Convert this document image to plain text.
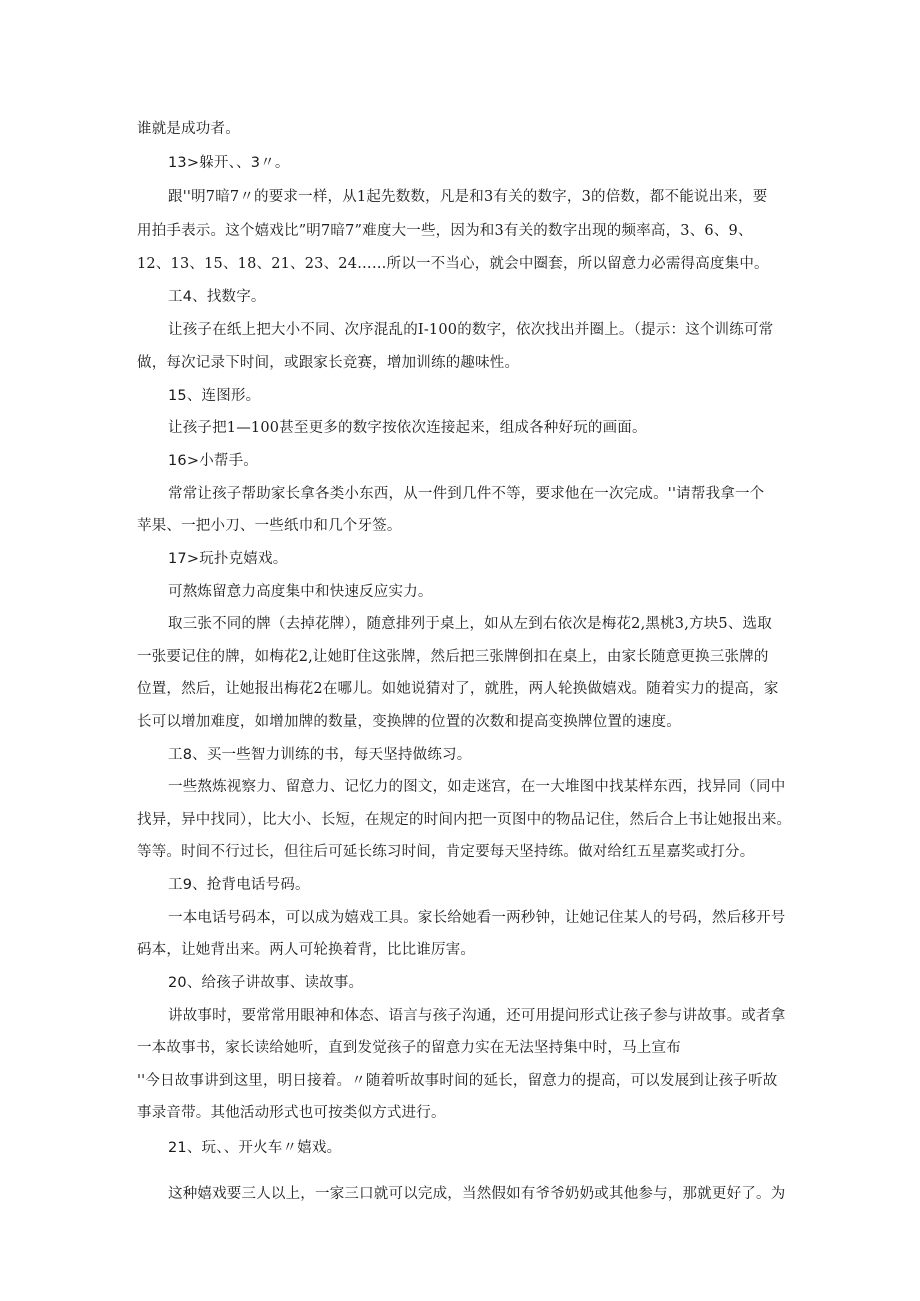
谁就是成功者。
13>躲开、、3〃。
跟''明7暗7〃的要求一样，从1起先数数，凡是和3有关的数字，3的倍数，都不能说出来，要
用拍手表示。这个嬉戏比”明7暗7”难度大一些，因为和3有关的数字出现的频率高，3、6、9、
12、13、15、18、21、23、24……所以一不当心，就会中圈套，所以留意力必需得高度集中。
工4、找数字。
让孩子在纸上把大小不同、次序混乱的I-100的数字，依次找出并圈上。（提示：这个训练可常
做，每次记录下时间，或跟家长竞赛，增加训练的趣味性。
15、连图形。
让孩子把1—100甚至更多的数字按依次连接起来，组成各种好玩的画面。
16>小帮手。
常常让孩子帮助家长拿各类小东西，从一件到几件不等，要求他在一次完成。''请帮我拿一个
苹果、一把小刀、一些纸巾和几个牙签。
17>玩扑克嬉戏。
可熬炼留意力高度集中和快速反应实力。
取三张不同的牌（去掉花牌），随意排列于桌上，如从左到右依次是梅花2,黑桃3,方块5、选取
一张要记住的牌，如梅花2,让她盯住这张牌，然后把三张牌倒扣在桌上，由家长随意更换三张牌的
位置，然后，让她报出梅花2在哪儿。如她说猜对了，就胜，两人轮换做嬉戏。随着实力的提高，家
长可以增加难度，如增加牌的数量，变换牌的位置的次数和提高变换牌位置的速度。
工8、买一些智力训练的书，每天坚持做练习。
一些熬炼视察力、留意力、记忆力的图文，如走迷宫，在一大堆图中找某样东西，找异同（同中
找异，异中找同），比大小、长短，在规定的时间内把一页图中的物品记住，然后合上书让她报出来。
等等。时间不行过长，但往后可延长练习时间，肯定要每天坚持练。做对给红五星嘉奖或打分。
工9、抢背电话号码。
一本电话号码本，可以成为嬉戏工具。家长给她看一两秒钟，让她记住某人的号码，然后移开号
码本，让她背出来。两人可轮换着背，比比谁厉害。
20、给孩子讲故事、读故事。
讲故事时，要常常用眼神和体态、语言与孩子沟通，还可用提问形式让孩子参与讲故事。或者拿
一本故事书，家长读给她听，直到发觉孩子的留意力实在无法坚持集中时，马上宣布
''今日故事讲到这里，明日接着。〃随着听故事时间的延长，留意力的提高，可以发展到让孩子听故
事录音带。其他活动形式也可按类似方式进行。
21、玩、、开火车〃嬉戏。
这种嬉戏要三人以上，一家三口就可以完成，当然假如有爷爷奶奶或其他参与，那就更好了。为
